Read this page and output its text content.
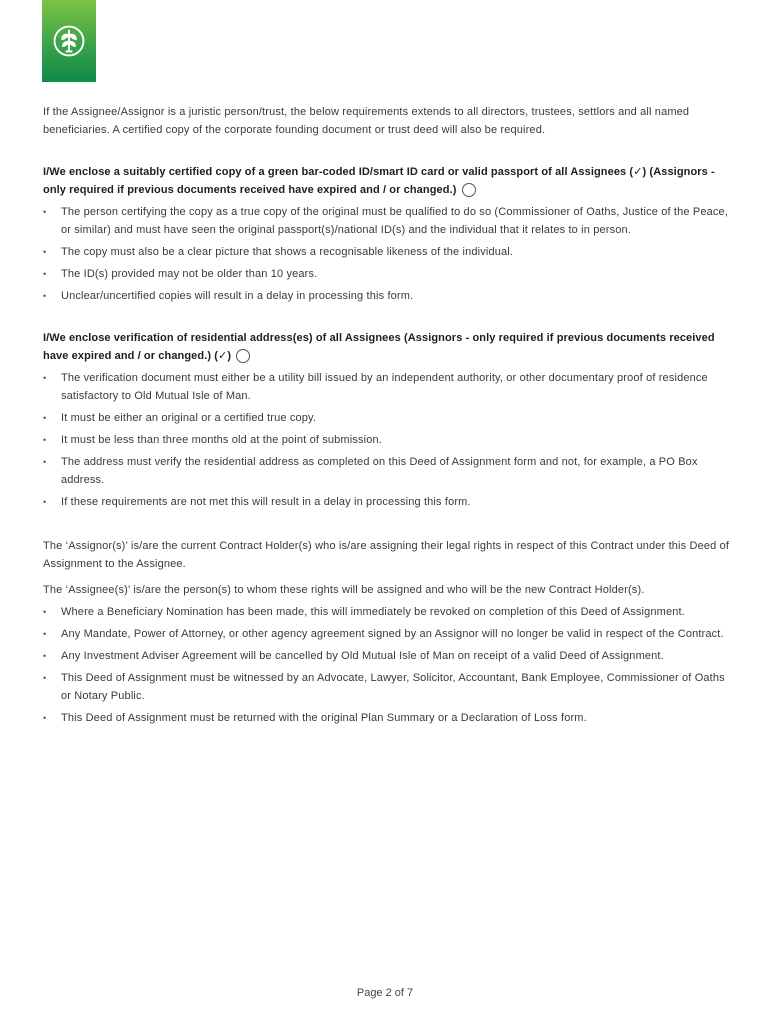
If the Assignee/Assignor is a juristic person/trust, the below requirements extends to all directors, trustees, settlors and all named beneficiaries. A certified copy of the corporate founding document or trust deed will also be required.

I/We enclose a suitably certified copy of a green bar-coded ID/smart ID card or valid passport of all Assignees (✓) (Assignors - only required if previous documents received have expired and / or changed.)

• The person certifying the copy as a true copy of the original must be qualified to do so (Commissioner of Oaths, Justice of the Peace, or similar) and must have seen the original passport(s)/national ID(s) and the individual that it relates to in person.
• The copy must also be a clear picture that shows a recognisable likeness of the individual.
• The ID(s) provided may not be older than 10 years.
• Unclear/uncertified copies will result in a delay in processing this form.

I/We enclose verification of residential address(es) of all Assignees (Assignors - only required if previous documents received have expired and / or changed.) (✓)

• The verification document must either be a utility bill issued by an independent authority, or other documentary proof of residence satisfactory to Old Mutual Isle of Man.
• It must be either an original or a certified true copy.
• It must be less than three months old at the point of submission.
• The address must verify the residential address as completed on this Deed of Assignment form and not, for example, a PO Box address.
• If these requirements are not met this will result in a delay in processing this form.

The ‘Assignor(s)’ is/are the current Contract Holder(s) who is/are assigning their legal rights in respect of this Contract under this Deed of Assignment to the Assignee.

The ‘Assignee(s)’ is/are the person(s) to whom these rights will be assigned and who will be the new Contract Holder(s).

• Where a Beneficiary Nomination has been made, this will immediately be revoked on completion of this Deed of Assignment.
• Any Mandate, Power of Attorney, or other agency agreement signed by an Assignor will no longer be valid in respect of the Contract.
• Any Investment Adviser Agreement will be cancelled by Old Mutual Isle of Man on receipt of a valid Deed of Assignment.
• This Deed of Assignment must be witnessed by an Advocate, Lawyer, Solicitor, Accountant, Bank Employee, Commissioner of Oaths or Notary Public.
• This Deed of Assignment must be returned with the original Plan Summary or a Declaration of Loss form.
Page 2 of 7
